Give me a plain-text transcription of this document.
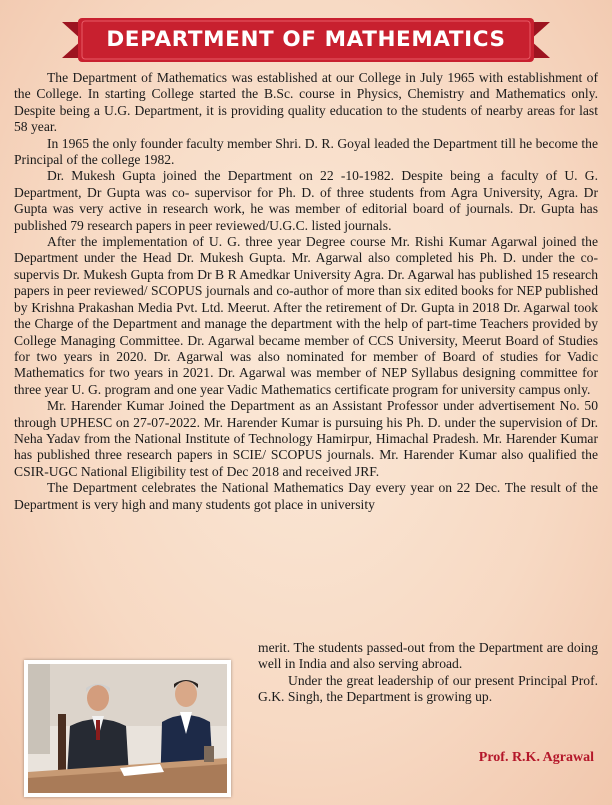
DEPARTMENT OF MATHEMATICS

The Department of Mathematics was established at our College in July 1965 with establishment of the College. In starting College started the B.Sc. course in Physics, Chemistry and Mathematics only. Despite being a U.G. Department, it is providing quality education to the students of nearby areas for last 58 year.

In 1965 the only founder faculty member Shri. D. R. Goyal leaded the Department till he become the Principal of the college 1982.

Dr. Mukesh Gupta joined the Department on 22 -10-1982. Despite being a faculty of U. G. Department, Dr Gupta was co- supervisor for Ph. D. of three students from Agra University, Agra. Dr Gupta was very active in research work, he was member of editorial board of journals. Dr. Gupta has published 79 research papers in peer reviewed/U.G.C. listed journals.

After the implementation of U. G. three year Degree course Mr. Rishi Kumar Agarwal joined the Department under the Head Dr. Mukesh Gupta. Mr. Agarwal also completed his Ph. D. under the co-supervis Dr. Mukesh Gupta from Dr B R Amedkar University Agra. Dr. Agarwal has published 15 research papers in peer reviewed/ SCOPUS journals and co-author of more than six edited books for NEP published by Krishna Prakashan Media Pvt. Ltd. Meerut. After the retirement of Dr. Gupta in 2018 Dr. Agarwal took the Charge of the Department and manage the department with the help of part-time Teachers provided by College Managing Committee. Dr. Agarwal became member of CCS University, Meerut Board of Studies for two years in 2020. Dr. Agarwal was also nominated for member of Board of studies for Vadic Mathematics for two years in 2021. Dr. Agarwal was member of NEP Syllabus designing committee for three year U. G. program and one year Vadic Mathematics certificate program for university campus only.

Mr. Harender Kumar Joined the Department as an Assistant Professor under advertisement No. 50 through UPHESC on 27-07-2022. Mr. Harender Kumar is pursuing his Ph. D. under the supervision of Dr. Neha Yadav from the National Institute of Technology Hamirpur, Himachal Pradesh. Mr. Harender Kumar has published three research papers in SCIE/ SCOPUS journals. Mr. Harender Kumar also qualified the CSIR-UGC National Eligibility test of Dec 2018 and received JRF.

The Department celebrates the National Mathematics Day every year on 22 Dec. The result of the Department is very high and many students got place in university

merit. The students passed-out from the Department are doing well in India and also serving abroad.

Under the great leadership of our present Principal Prof. G.K. Singh, the Department is growing up.

Prof. R.K. Agrawal
